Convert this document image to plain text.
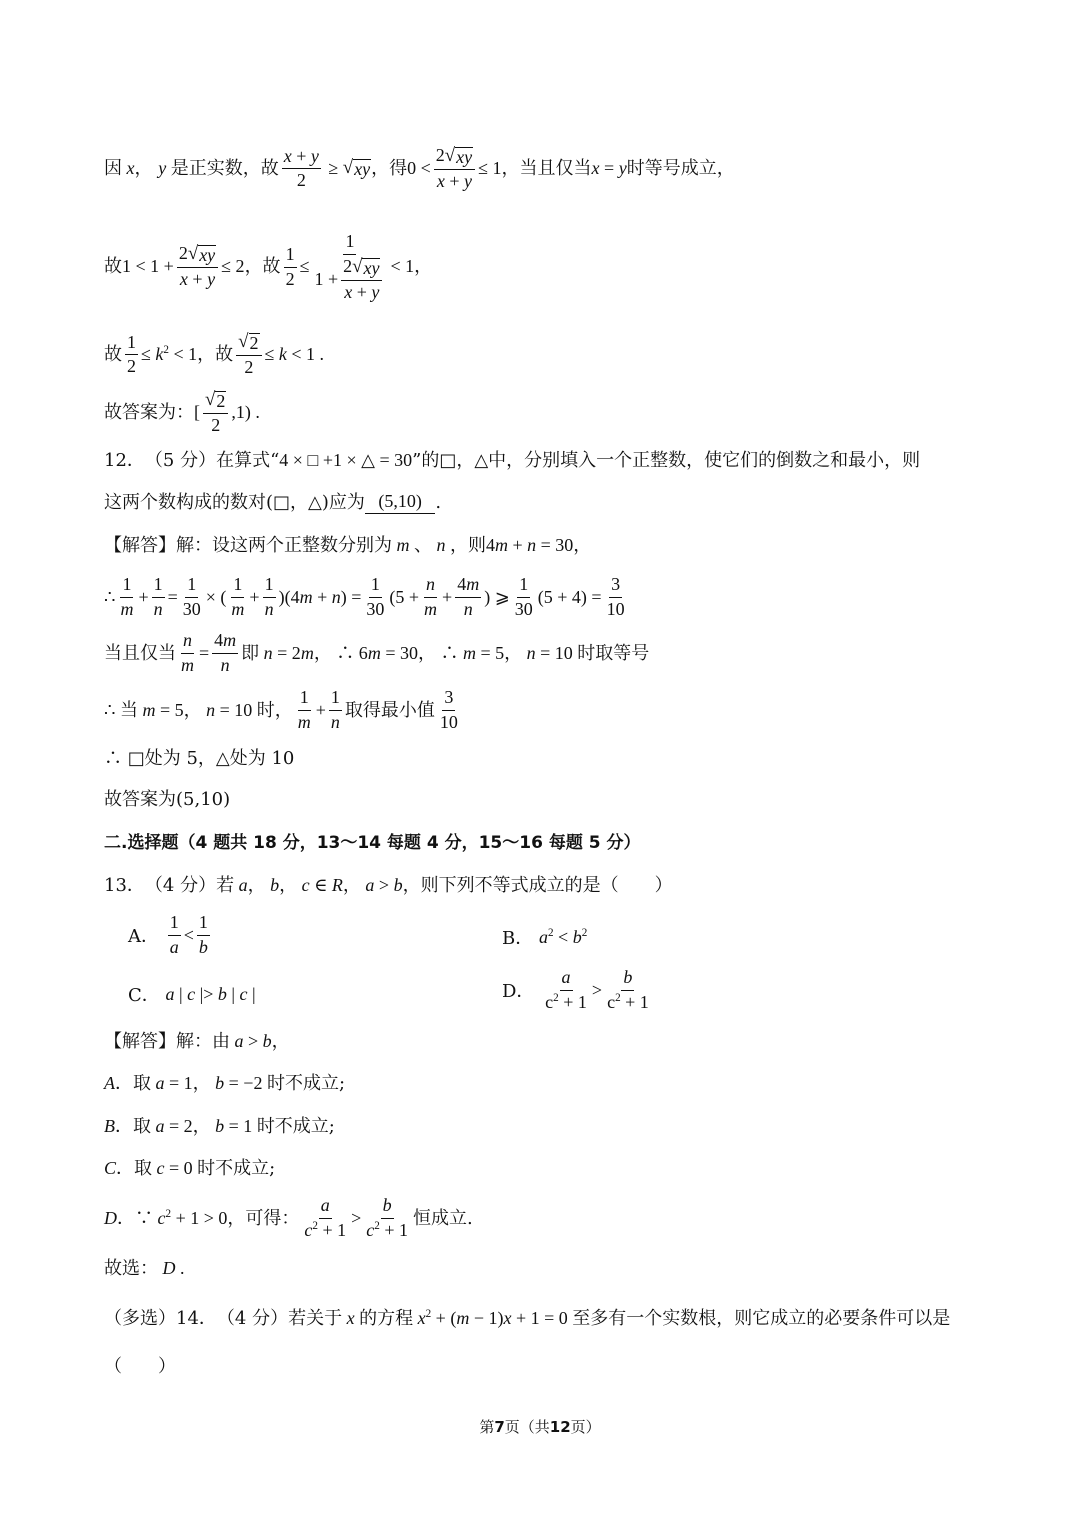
因 x ， y 是正实数，故 $\frac{x + y}{2}$ ≥ √ xy ，得 $0 < \frac{2 √ xy}{x + y} \le 1$ ，当且仅当 x = y 时等号成立，
故 $1 < 1 + \frac{2 √ xy}{x + y} \le 2$ ，故 $\frac{1}{2} \le \frac{1}{1 + \frac{2 √ xy}{x + y}} < 1$，
故 $\frac{1}{2} \le k^2 < 1$ ，故 $\frac{√ 2}{2} \le k < 1$ .
故答案为： [ $\frac{√ 2}{2} ,1$) .
12． （5 分） 在算式“ 4 × □ +1 × △ = 30 ”的□，△中，分别填入一个正整数，使它们的倒数之和最小，则
这两个数构成的数对(□，△)应为 (5,10) .
【解答】 解：设这两个正整数分别为 m 、 n ，则 4m + n = 30，
∴ $\frac{1}{m} + \frac{1}{n} = \frac{1}{30}$ × ( $\frac{1}{m} + \frac{1}{n} )(4m + n) = \frac{1}{30} (5 + \frac{n}{m} + \frac{4m}{n}$ ) ⩾ $\frac{1}{30} (5 + 4) = \frac{3}{10}$
当且仅当 $\frac{n}{m} = \frac{4m}{n}$ 即 n = 2m， ∴ 6m = 30， ∴ m = 5， n = 10 时取等号
∴ 当 m = 5， n = 10 时， $\frac{1}{m} + \frac{1}{n}$ 取得最小值 $\frac{3}{10}$
∴ □处为 5，△处为 10
故答案为(5,10)
二.选择题（4 题共 18 分，13～14 每题 4 分，15～16 每题 5 分）
13． （4 分） 若 a， b， c ∈ R， a > b ，则下列不等式成立的是（　　）
A．
$\frac{1}{a} < \frac{1}{b}$	B．
$a^2 < b^2$
C．
a | c |> b | c |	D．
$\frac{a}{c^2 + 1} > \frac{b}{c^2 + 1}$
【解答】 解：由 a > b，
A ．取 a = 1， b = −2 时不成立;
B ．取 a = 2， b = 1 时不成立;
C ．取 c = 0 时不成立;
D ．∵ $c^2 + 1 > 0$ ，可得： $\frac{a}{c^2 + 1} > \frac{b}{c^2 + 1}$ 恒成立.
故选： D .
（多选）14． （4 分） 若关于 x 的方程 $x^2 + (m - 1)x + 1 = 0$ 至多有一个实数根，则它成立的必要条件可以是
（　　）
第7页（共12页）
